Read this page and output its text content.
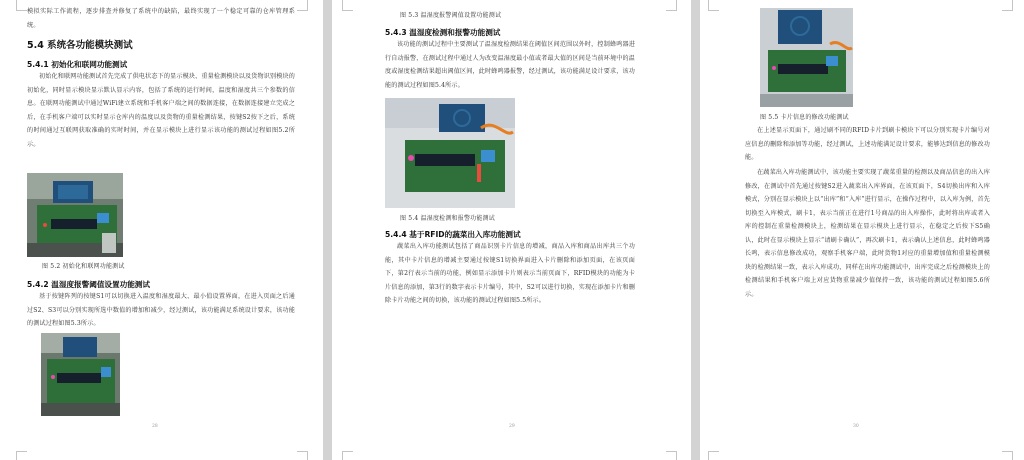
模拟实际工作流程，逐步排查并修复了系统中的缺陷，最终实现了一个稳定可靠的仓库管理系统。

5.4 系统各功能模块测试
5.4.1 初始化和联网功能测试

初始化和联网功能测试首先完成了供电状态下的显示模块、重量检测模块以及货物识别模块的初始化，同时显示模块显示默认显示内容，包括了系统的运行时间，温度和湿度共三个参数的信息。在联网功能测试中通过WiFi建立系统和手机客户端之间的数据连接，在数据连接建立完成之后，在手机客户端可以实时显示仓库内的温度以及货物的重量检测结果，按键S2按下之后，系统的时间通过互联网获取准确的实时时间，并在显示模块上进行显示该功能的测试过程如图5.2所示。

图 5.2 初始化和联网功能测试
5.4.2 温湿度报警阈值设置功能测试

基于按键阵列的按键S1可以切换进入温度和湿度最大、最小值设置界面，在进入页面之后通过S2、S3可以分别实现所选中数值的增加和减少，经过测试，该功能满足系统设计要求，该功能的测试过程如图5.3所示。

28
图 5.3 温湿度报警阈值设置功能测试
5.4.3 温湿度检测和报警功能测试

该功能的测试过程中主要测试了温湿度检测结果在阈值区间范围以外时，控制蜂鸣器进行自动报警，在测试过程中通过人为改变温湿度最小值或者最大值的区间是当前环境中的温度或湿度检测结果超出阈值区间，此时蜂鸣器报警，经过测试，该功能满足设计要求，该功能的测试过程如图5.4所示。

图 5.4 温湿度检测和报警功能测试
5.4.4 基于RFID的蔬菜出入库功能测试

蔬菜出入库功能测试包括了商品识别卡片信息的增减，商品入库和商品出库共三个功能，其中卡片信息的增减主要通过按键S1切换界面进入卡片删除和添加页面，在该页面下，第2行表示当前的功能，例如显示添加卡片则表示当前页面下，RFID模块的功能为卡片信息的添加，第3行的数字表示卡片编号，其中，S2可以进行切换，实现在添加卡片和删除卡片功能之间的切换，该功能的测试过程如图5.5所示。

29
图 5.5 卡片信息的修改功能测试

在上述显示页面下，通过刷不同的RFID卡片到刷卡模块下可以分别实现卡片编号对应信息的删除和添加等功能，经过测试，上述功能满足设计要求，能够达到信息的修改功能。

在蔬菜出入库功能测试中，该功能主要实现了蔬菜重量的检测以及商品信息的出入库修改，在测试中首先通过按键S2进入蔬菜出入库界面，在该页面下，S4切换出库和入库模式，分别在显示模块上以“出库”和“入库”进行显示，在操作过程中，以入库为例，首先切换至入库模式，刷卡1，表示当前正在进行1号商品的出入库操作，此时将出库或者入库的控制在重量检测模块上，检测结果在显示模块上进行显示，在稳定之后按下S5确认，此时在显示模块上显示“请刷卡确认”，再次刷卡1，表示确认上述信息，此时蜂鸣器长鸣，表示信息修改成功，观察手机客户端，此时货物1对应的重量增加值和重量检测模块的检测结果一致，表示入库成功，同样在出库功能测试中，出库完成之后检测模块上的检测结果和手机客户端上对应货物重量减少值保持一致，该功能的测试过程如图5.6所示。

30
